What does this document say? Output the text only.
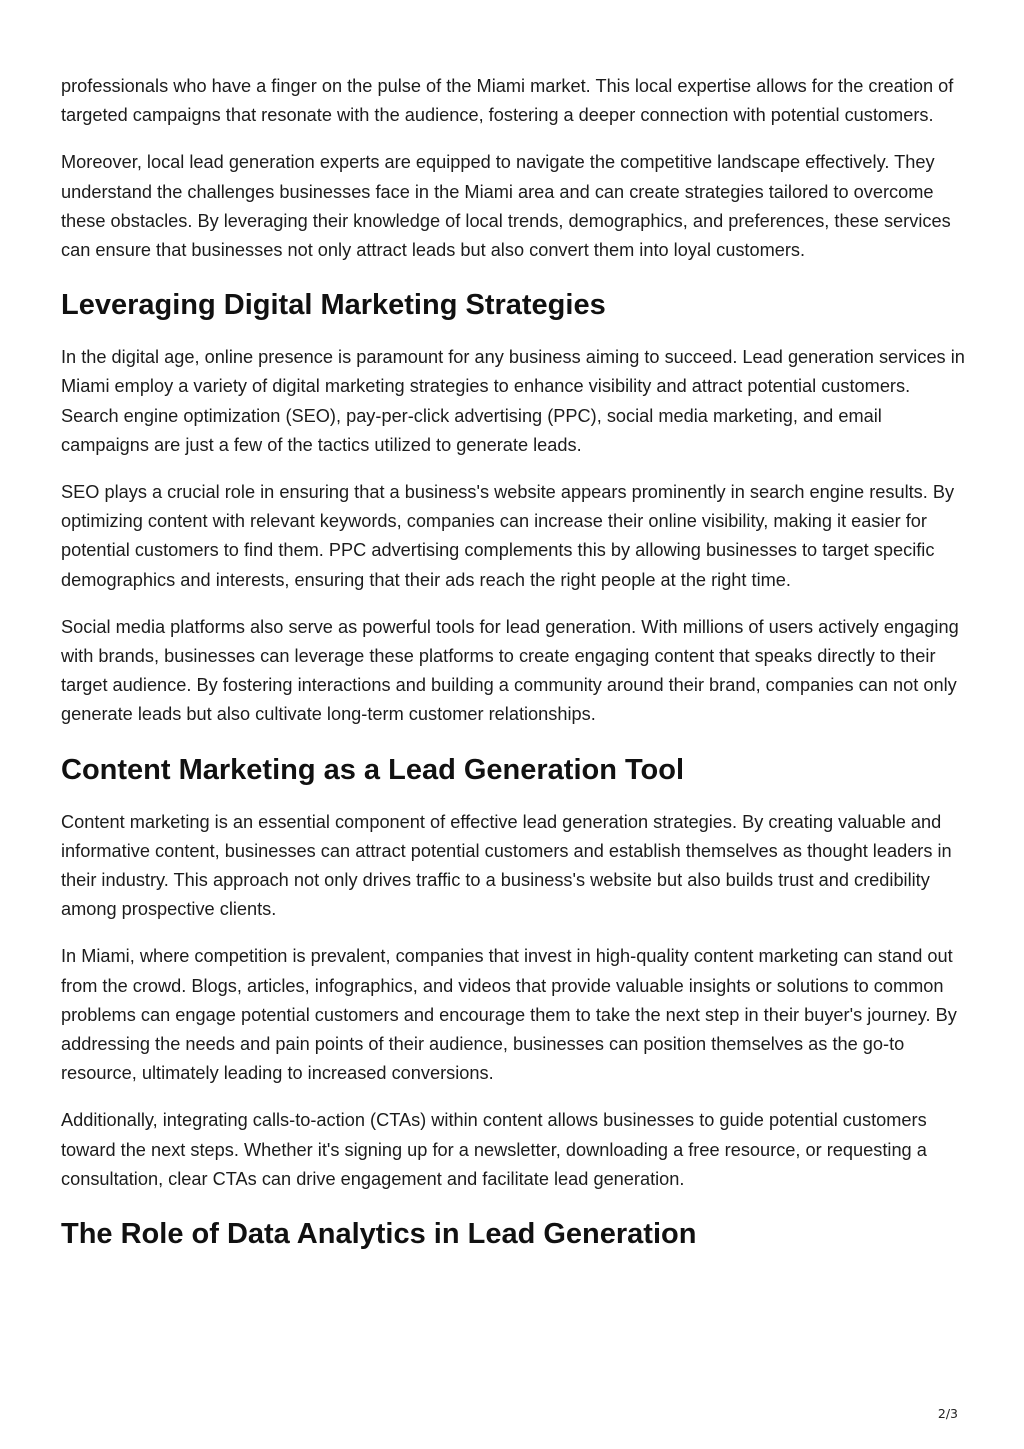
professionals who have a finger on the pulse of the Miami market. This local expertise allows for the creation of targeted campaigns that resonate with the audience, fostering a deeper connection with potential customers.

Moreover, local lead generation experts are equipped to navigate the competitive landscape effectively. They understand the challenges businesses face in the Miami area and can create strategies tailored to overcome these obstacles. By leveraging their knowledge of local trends, demographics, and preferences, these services can ensure that businesses not only attract leads but also convert them into loyal customers.

Leveraging Digital Marketing Strategies

In the digital age, online presence is paramount for any business aiming to succeed. Lead generation services in Miami employ a variety of digital marketing strategies to enhance visibility and attract potential customers. Search engine optimization (SEO), pay-per-click advertising (PPC), social media marketing, and email campaigns are just a few of the tactics utilized to generate leads.

SEO plays a crucial role in ensuring that a business's website appears prominently in search engine results. By optimizing content with relevant keywords, companies can increase their online visibility, making it easier for potential customers to find them. PPC advertising complements this by allowing businesses to target specific demographics and interests, ensuring that their ads reach the right people at the right time.

Social media platforms also serve as powerful tools for lead generation. With millions of users actively engaging with brands, businesses can leverage these platforms to create engaging content that speaks directly to their target audience. By fostering interactions and building a community around their brand, companies can not only generate leads but also cultivate long-term customer relationships.

Content Marketing as a Lead Generation Tool

Content marketing is an essential component of effective lead generation strategies. By creating valuable and informative content, businesses can attract potential customers and establish themselves as thought leaders in their industry. This approach not only drives traffic to a business's website but also builds trust and credibility among prospective clients.

In Miami, where competition is prevalent, companies that invest in high-quality content marketing can stand out from the crowd. Blogs, articles, infographics, and videos that provide valuable insights or solutions to common problems can engage potential customers and encourage them to take the next step in their buyer's journey. By addressing the needs and pain points of their audience, businesses can position themselves as the go-to resource, ultimately leading to increased conversions.

Additionally, integrating calls-to-action (CTAs) within content allows businesses to guide potential customers toward the next steps. Whether it's signing up for a newsletter, downloading a free resource, or requesting a consultation, clear CTAs can drive engagement and facilitate lead generation.

The Role of Data Analytics in Lead Generation
2/3
